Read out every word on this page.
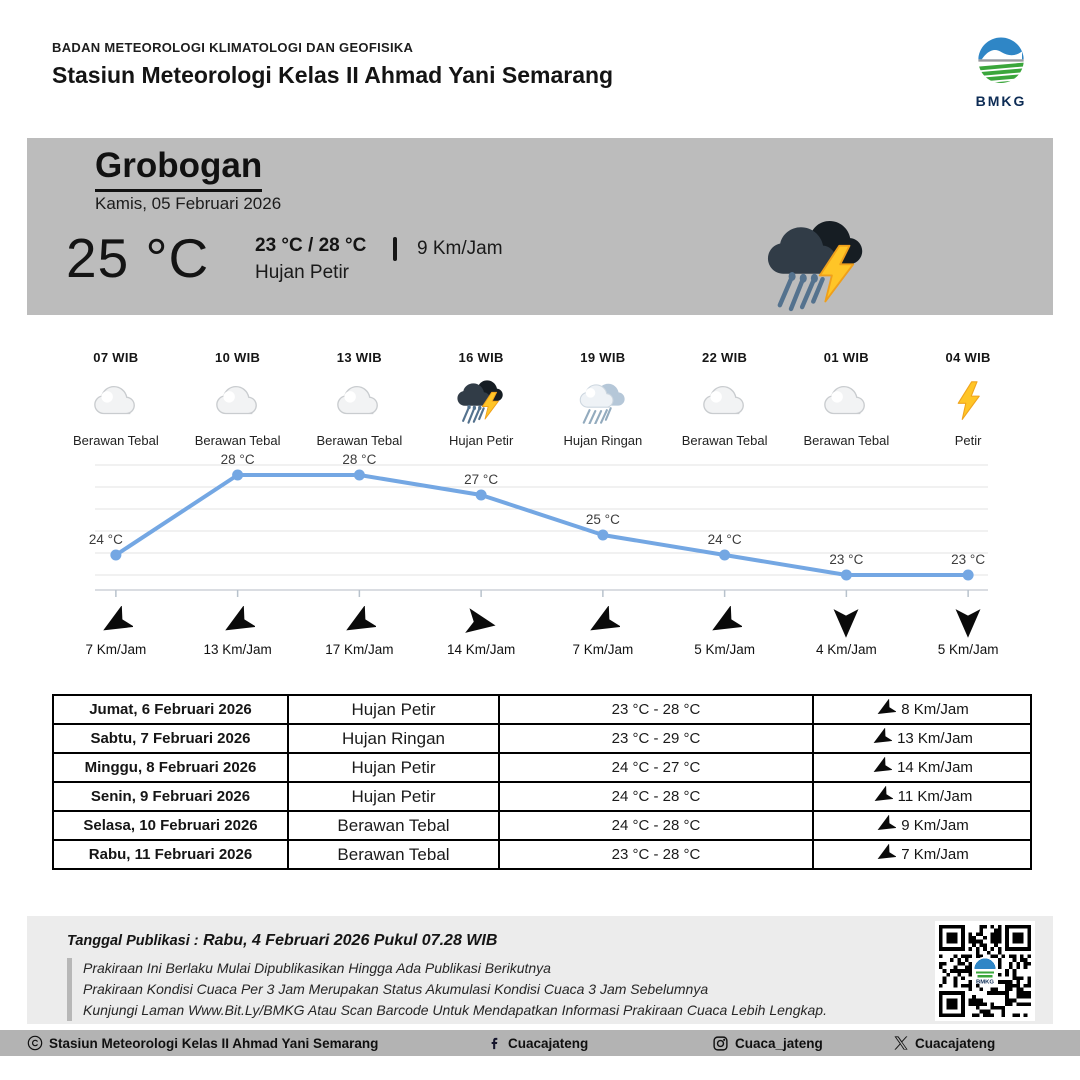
BADAN METEOROLOGI KLIMATOLOGI DAN GEOFISIKA
Stasiun Meteorologi Kelas II Ahmad Yani Semarang
BMKG
Grobogan
Kamis, 05 Februari 2026
25 °C 23 °C / 28 °C
Hujan Petir
9 Km/Jam
07 WIB
Berawan Tebal
10 WIB
Berawan Tebal
13 WIB
Berawan Tebal
16 WIB
Hujan Petir
19 WIB
Hujan Ringan
22 WIB
Berawan Tebal
01 WIB
Berawan Tebal
04 WIB
Petir
24 °C
28 °C	28 °C
27 °C
25 °C
24 °C
23 °C	23 °C
7 Km/Jam	13 Km/Jam	17 Km/Jam	14 Km/Jam	7 Km/Jam	5 Km/Jam	4 Km/Jam	5 Km/Jam
Jumat, 6 Februari 2026	Hujan Petir	23 °C - 28 °C	8 Km/Jam

Sabtu, 7 Februari 2026	Hujan Ringan	23 °C - 29 °C	13 Km/Jam

Minggu, 8 Februari 2026	Hujan Petir	24 °C - 27 °C	14 Km/Jam

Senin, 9 Februari 2026	Hujan Petir	24 °C - 28 °C	11 Km/Jam

Selasa, 10 Februari 2026	Berawan Tebal	24 °C - 28 °C	9 Km/Jam

Rabu, 11 Februari 2026	Berawan Tebal	23 °C - 28 °C	7 Km/Jam
Tanggal Publikasi : Rabu, 4 Februari 2026 Pukul 07.28 WIB
Prakiraan Ini Berlaku Mulai Dipublikasikan Hingga Ada Publikasi Berikutnya
Prakiraan Kondisi Cuaca Per 3 Jam Merupakan Status Akumulasi Kondisi Cuaca 3 Jam Sebelumnya
Kunjungi Laman Www.Bit.Ly/BMKG Atau Scan Barcode Untuk Mendapatkan Informasi Prakiraan Cuaca Lebih Lengkap.
BMKG
Stasiun Meteorologi Kelas II Ahmad Yani Semarang	Cuacajateng	Cuaca_jateng	Cuacajateng
